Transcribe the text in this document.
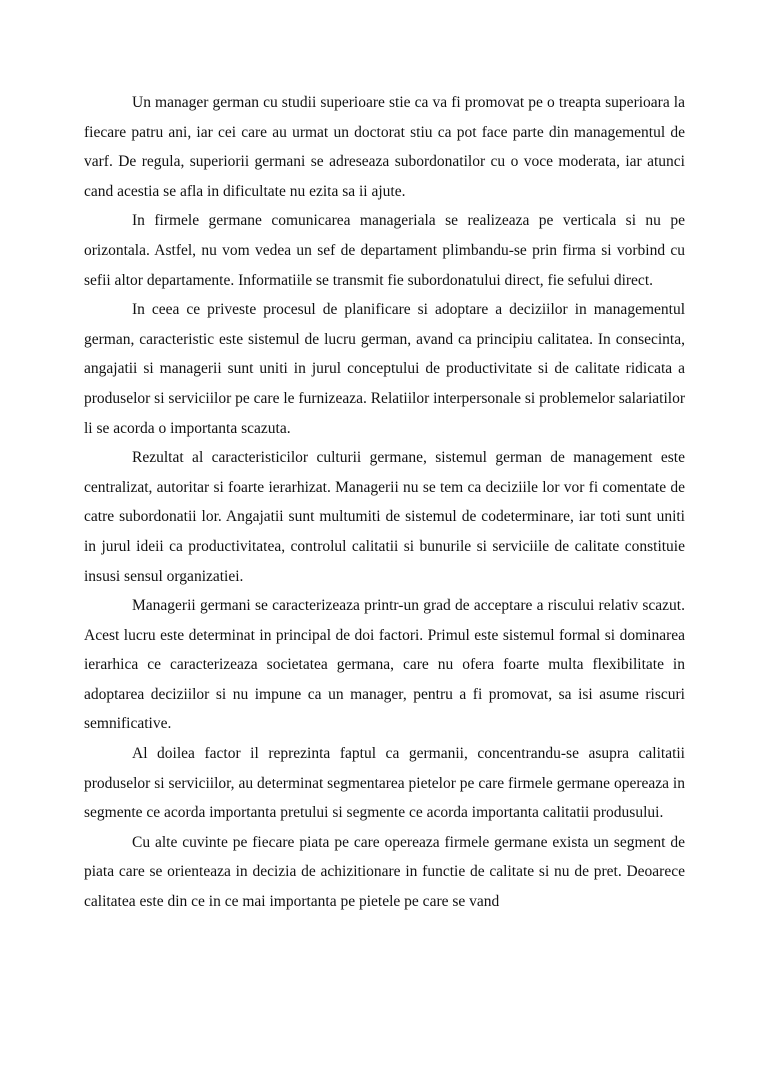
Un manager german cu studii superioare stie ca va fi promovat pe o treapta superioara la fiecare patru ani, iar cei care au urmat un doctorat stiu ca pot face parte din managementul de varf. De regula, superiorii germani se adreseaza subordonatilor cu o voce moderata, iar atunci cand acestia se afla in dificultate nu ezita sa ii ajute.

In firmele germane comunicarea manageriala se realizeaza pe verticala si nu pe orizontala. Astfel, nu vom vedea un sef de departament plimbandu-se prin firma si vorbind cu sefii altor departamente. Informatiile se transmit fie subordonatului direct, fie sefului direct.

In ceea ce priveste procesul de planificare si adoptare a deciziilor in managementul german, caracteristic este sistemul de lucru german, avand ca principiu calitatea. In consecinta, angajatii si managerii sunt uniti in jurul conceptului de productivitate si de calitate ridicata a produselor si serviciilor pe care le furnizeaza. Relatiilor interpersonale si problemelor salariatilor li se acorda o importanta scazuta.

Rezultat al caracteristicilor culturii germane, sistemul german de management este centralizat, autoritar si foarte ierarhizat. Managerii nu se tem ca deciziile lor vor fi comentate de catre subordonatii lor. Angajatii sunt multumiti de sistemul de codeterminare, iar toti sunt uniti in jurul ideii ca productivitatea, controlul calitatii si bunurile si serviciile de calitate constituie insusi sensul organizatiei.

Managerii germani se caracterizeaza printr-un grad de acceptare a riscului relativ scazut. Acest lucru este determinat in principal de doi factori. Primul este sistemul formal si dominarea ierarhica ce caracterizeaza societatea germana, care nu ofera foarte multa flexibilitate in adoptarea deciziilor si nu impune ca un manager, pentru a fi promovat, sa isi asume riscuri semnificative.

Al doilea factor il reprezinta faptul ca germanii, concentrandu-se asupra calitatii produselor si serviciilor, au determinat segmentarea pietelor pe care firmele germane opereaza in segmente ce acorda importanta pretului si segmente ce acorda importanta calitatii produsului.

Cu alte cuvinte pe fiecare piata pe care opereaza firmele germane exista un segment de piata care se orienteaza in decizia de achizitionare in functie de calitate si nu de pret. Deoarece calitatea este din ce in ce mai importanta pe pietele pe care se vand
